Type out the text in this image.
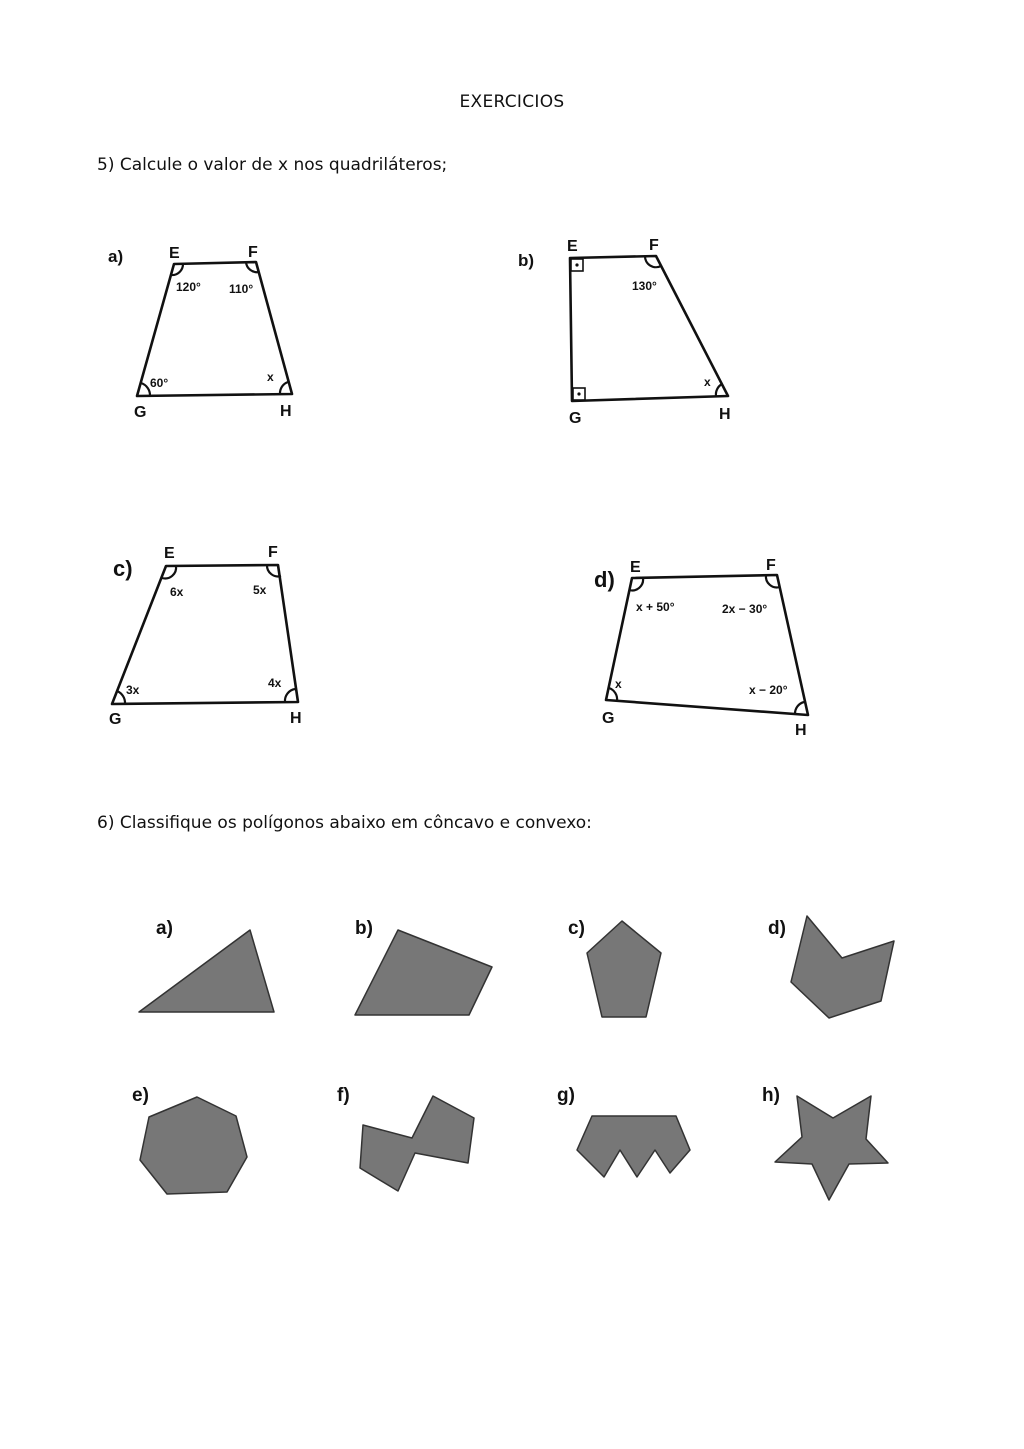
EXERCICIOS
5) Calcule o valor de x nos quadriláteros;
6) Classifique os polígonos abaixo em côncavo e convexo:
a)	E	F
G	H
120° 110°
60°	x
b)
E	F
G	H
130°
x
c)
E	F
G	H
6x	5x
3x	4x
d) E	F
G
H
x + 50°	2x − 30°
x	x − 20°
a)	b)	c)	d)
e)	f)	g)	h)
